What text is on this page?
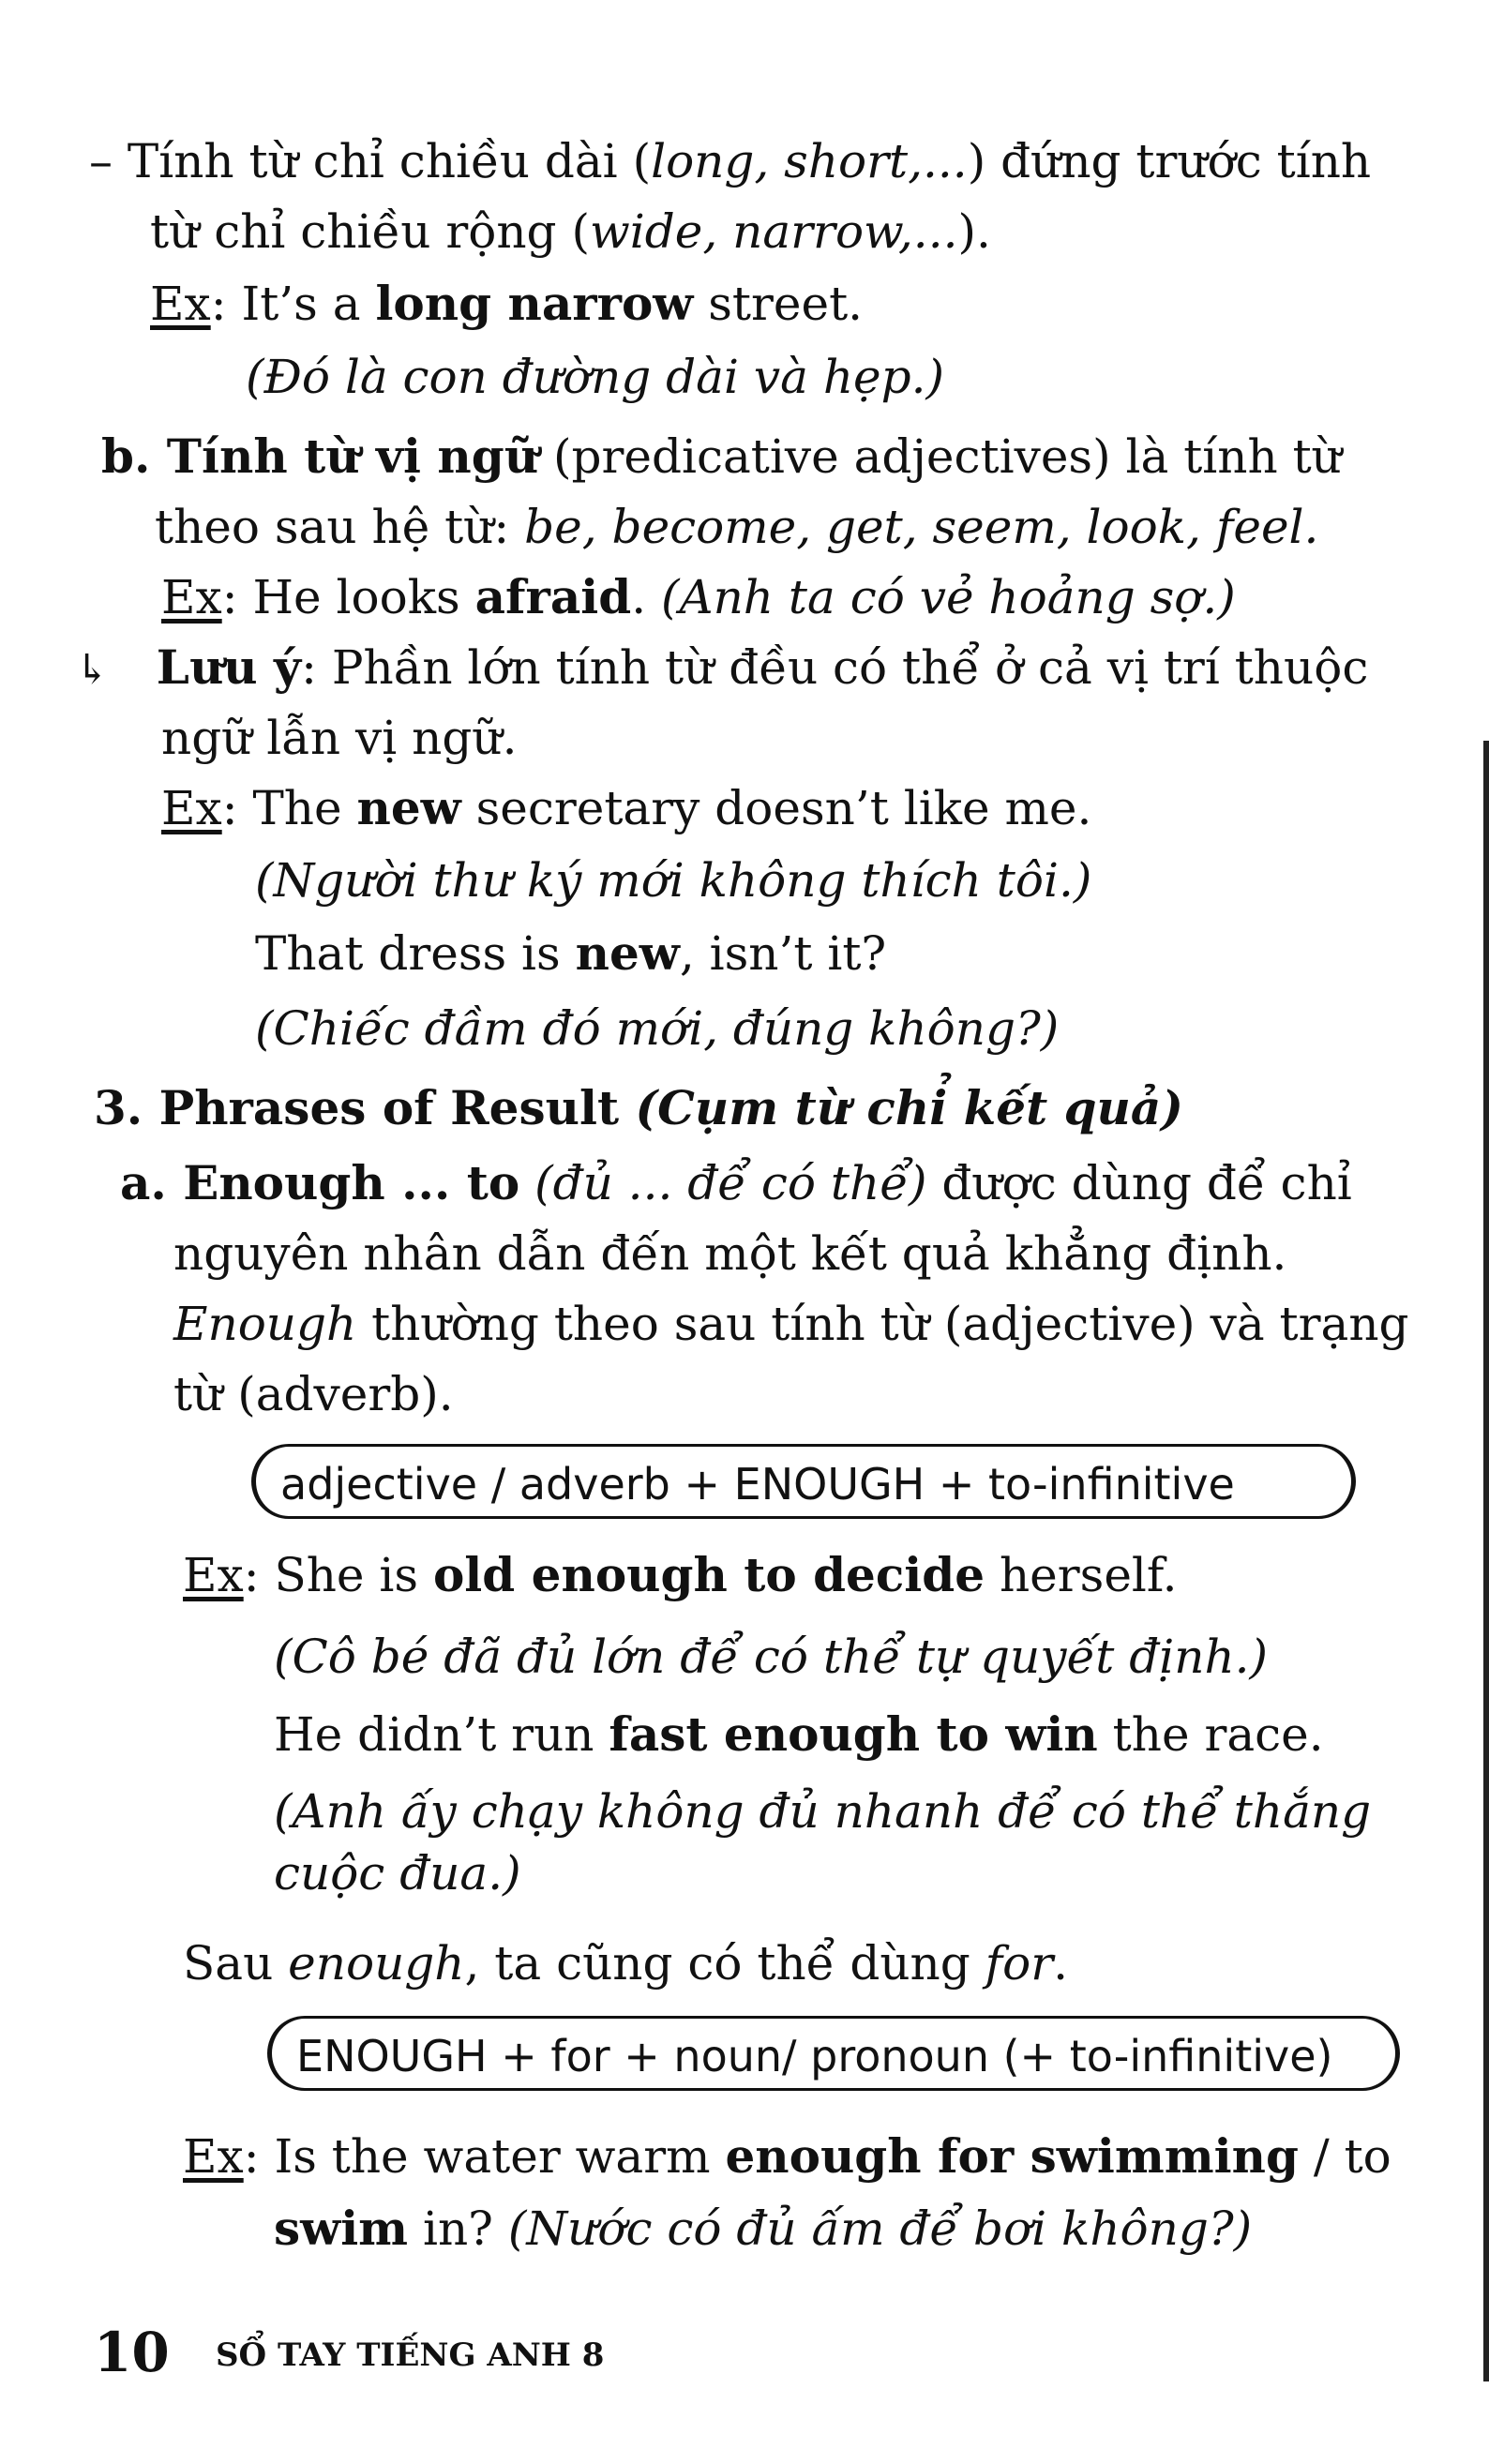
– Tính từ chỉ chiều dài (long, short,...) đứng trước tính
từ chỉ chiều rộng (wide, narrow,...).
Ex: It’s a long narrow street.
(Đó là con đường dài và hẹp.)
b. Tính từ vị ngữ (predicative adjectives) là tính từ
theo sau hệ từ: be, become, get, seem, look, feel.
Ex: He looks afraid. (Anh ta có vẻ hoảng sợ.)
↳ Lưu ý: Phần lớn tính từ đều có thể ở cả vị trí thuộc
ngữ lẫn vị ngữ.
Ex: The new secretary doesn’t like me.
(Người thư ký mới không thích tôi.)
That dress is new, isn’t it?
(Chiếc đầm đó mới, đúng không?)
3. Phrases of Result (Cụm từ chỉ kết quả)
a. Enough ... to (đủ ... để có thể) được dùng để chỉ
nguyên nhân dẫn đến một kết quả khẳng định.
Enough thường theo sau tính từ (adjective) và trạng
từ (adverb).
adjective / adverb + ENOUGH + to-infinitive
Ex: She is old enough to decide herself.
(Cô bé đã đủ lớn để có thể tự quyết định.)
He didn’t run fast enough to win the race.
(Anh ấy chạy không đủ nhanh để có thể thắng
cuộc đua.)
Sau enough, ta cũng có thể dùng for.
ENOUGH + for + noun/ pronoun (+ to-infinitive)
Ex: Is the water warm enough for swimming / to
swim in? (Nước có đủ ấm để bơi không?)
10 SỔ TAY TIẾNG ANH 8
